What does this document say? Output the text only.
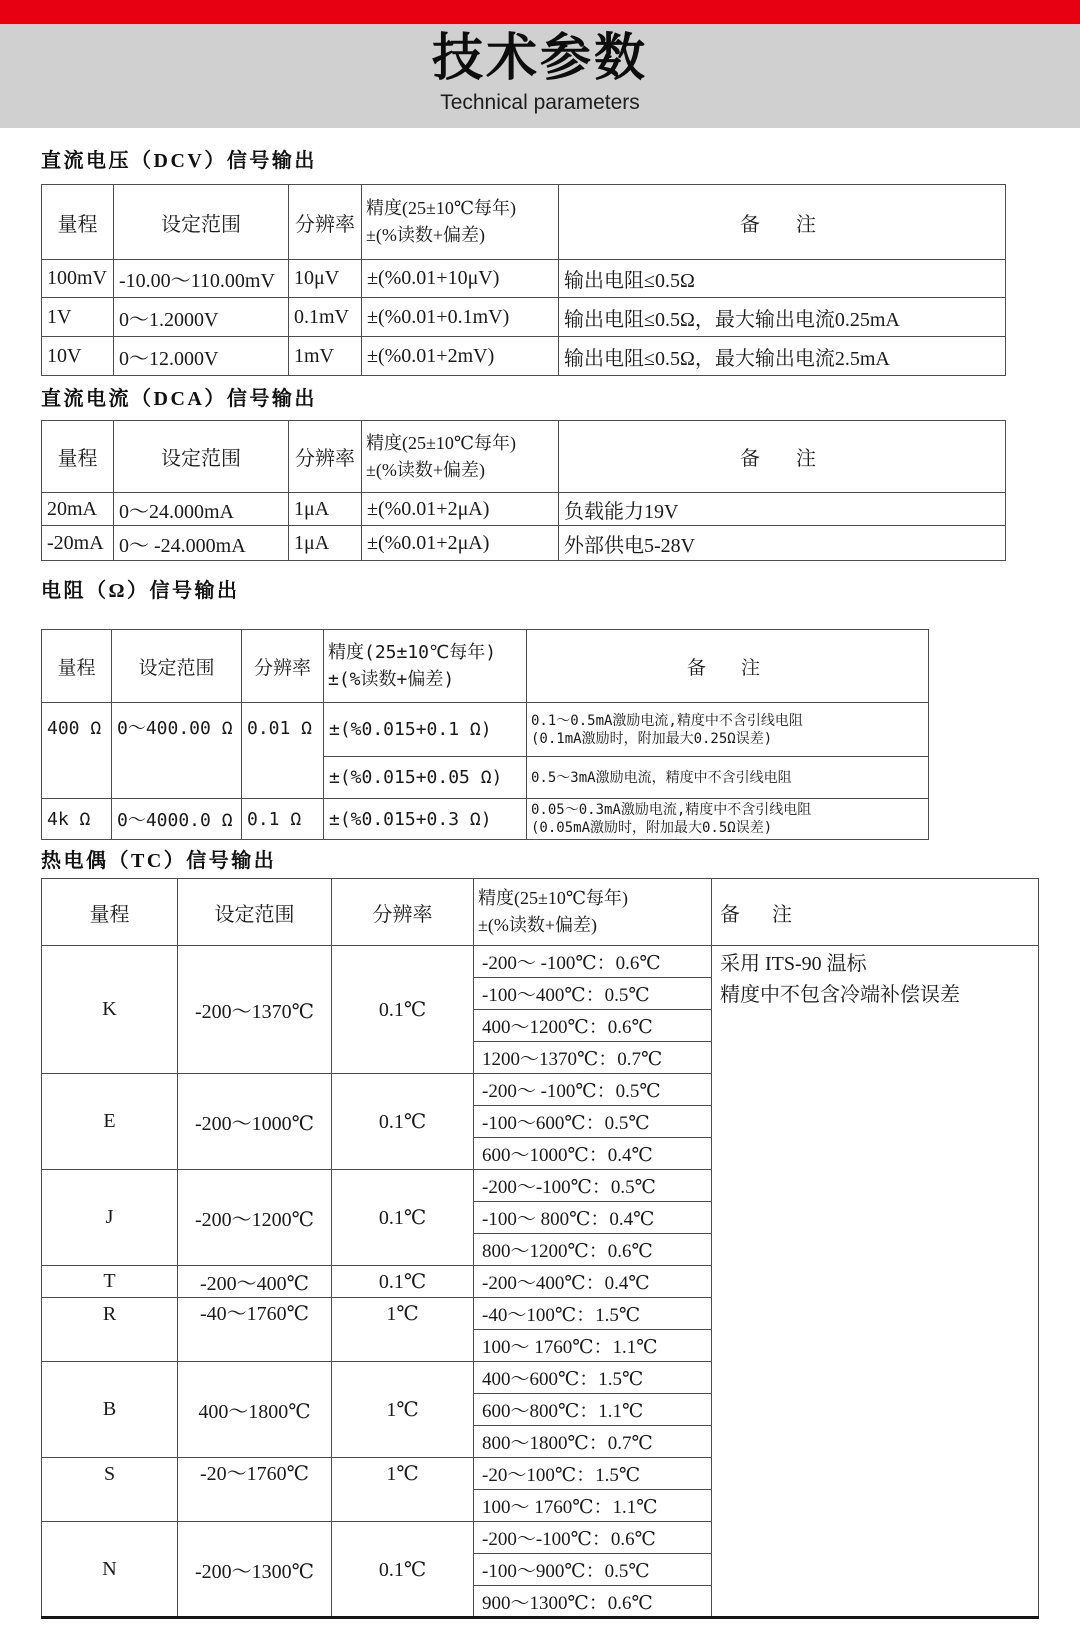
技术参数
Technical parameters
直流电压（DCV）信号输出
量程	设定范围	分辨率	精度(25±10℃每年)
±(%读数+偏差)	备　注
100mV	-10.00～110.00mV	10μV	±(%0.01+10μV)	输出电阻≤0.5Ω
1V	0～1.2000V	0.1mV	±(%0.01+0.1mV)	输出电阻≤0.5Ω，最大输出电流0.25mA
10V	0～12.000V	1mV	±(%0.01+2mV)	输出电阻≤0.5Ω，最大输出电流2.5mA
直流电流（DCA）信号输出
量程	设定范围	分辨率	精度(25±10℃每年)
±(%读数+偏差)	备　注
20mA	0～24.000mA	1μA	±(%0.01+2μA)	负载能力19V
-20mA	0～ -24.000mA	1μA	±(%0.01+2μA)	外部供电5-28V
电阻（Ω）信号输出
量程	设定范围	分辨率	精度(25±10℃每年)
±(%读数+偏差)	备　注
400 Ω	0～400.00 Ω	0.01 Ω	±(%0.015+0.1 Ω)	0.1～0.5mA激励电流,精度中不含引线电阻
(0.1mA激励时，附加最大0.25Ω误差)

			±(%0.015+0.05 Ω)	0.5～3mA激励电流，精度中不含引线电阻
4k Ω	0～4000.0 Ω	0.1 Ω	±(%0.015+0.3 Ω)	0.05～0.3mA激励电流,精度中不含引线电阻
(0.05mA激励时，附加最大0.5Ω误差)
热电偶（TC）信号输出
量程	设定范围	分辨率	精度(25±10℃每年)
±(%读数+偏差)	备　注
K	-200～1370℃	0.1℃	-200～ -100℃：0.6℃	采用 ITS-90 温标
精度中不包含冷端补偿误差

			-100～400℃：0.5℃	
			400～1200℃：0.6℃	
			1200～1370℃：0.7℃	
E	-200～1000℃	0.1℃	-200～ -100℃：0.5℃	
			-100～600℃：0.5℃	
			600～1000℃：0.4℃	
J	-200～1200℃	0.1℃	-200～-100℃：0.5℃	
			-100～ 800℃：0.4℃	
			800～1200℃：0.6℃	
T	-200～400℃	0.1℃	-200～400℃：0.4℃	
R	-40～1760℃	1℃	-40～100℃：1.5℃	
			100～ 1760℃：1.1℃	
B	400～1800℃	1℃	400～600℃：1.5℃	
			600～800℃：1.1℃	
			800～1800℃：0.7℃	
S	-20～1760℃	1℃	-20～100℃：1.5℃	
			100～ 1760℃：1.1℃	
N	-200～1300℃	0.1℃	-200～-100℃：0.6℃	
			-100～900℃：0.5℃	
			900～1300℃：0.6℃	
